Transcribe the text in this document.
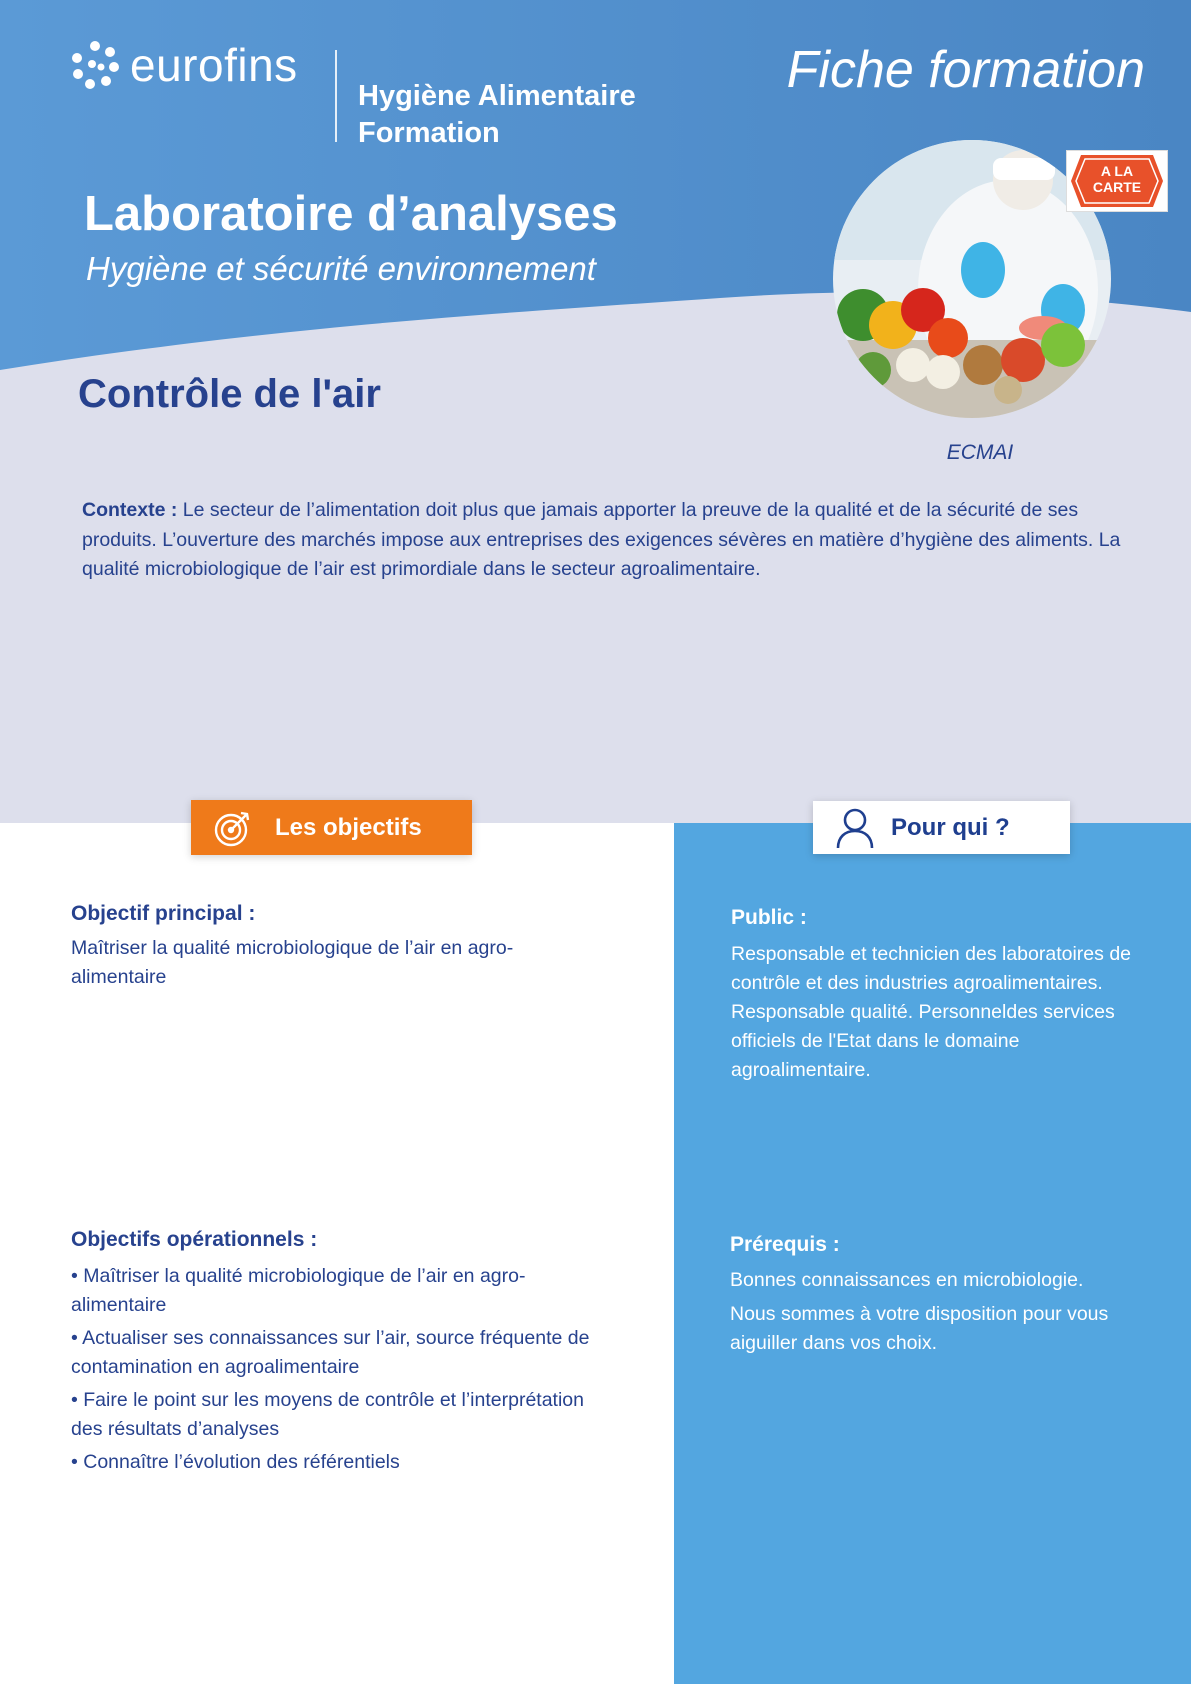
eurofins
Hygiène Alimentaire
Formation
Fiche formation
Laboratoire d’analyses
Hygiène et sécurité environnement
A LA
CARTE
Contrôle de l'air
ECMAI
Contexte : Le secteur de l’alimentation doit plus que jamais apporter la preuve de la qualité et de la sécurité de ses produits. L’ouverture des marchés impose aux entreprises des exigences sévères en matière d’hygiène des aliments. La qualité microbiologique de l’air est primordiale dans le secteur agroalimentaire.
Les objectifs	Pour qui ?
Objectif principal :
Maîtriser la qualité microbiologique de l’air en agro-alimentaire
Objectifs opérationnels :
• Maîtriser la qualité microbiologique de l’air en agro-alimentaire
• Actualiser ses connaissances sur l’air, source fréquente de contamination en agroalimentaire
• Faire le point sur les moyens de contrôle et l’interprétation des résultats d’analyses
• Connaître l’évolution des référentiels
Public :
Responsable et technicien des laboratoires de contrôle et des industries agroalimentaires. Responsable qualité. Personneldes services officiels de l'Etat dans le domaine agroalimentaire.
Prérequis :
Bonnes connaissances en microbiologie.
Nous sommes à votre disposition pour vous aiguiller dans vos choix.
